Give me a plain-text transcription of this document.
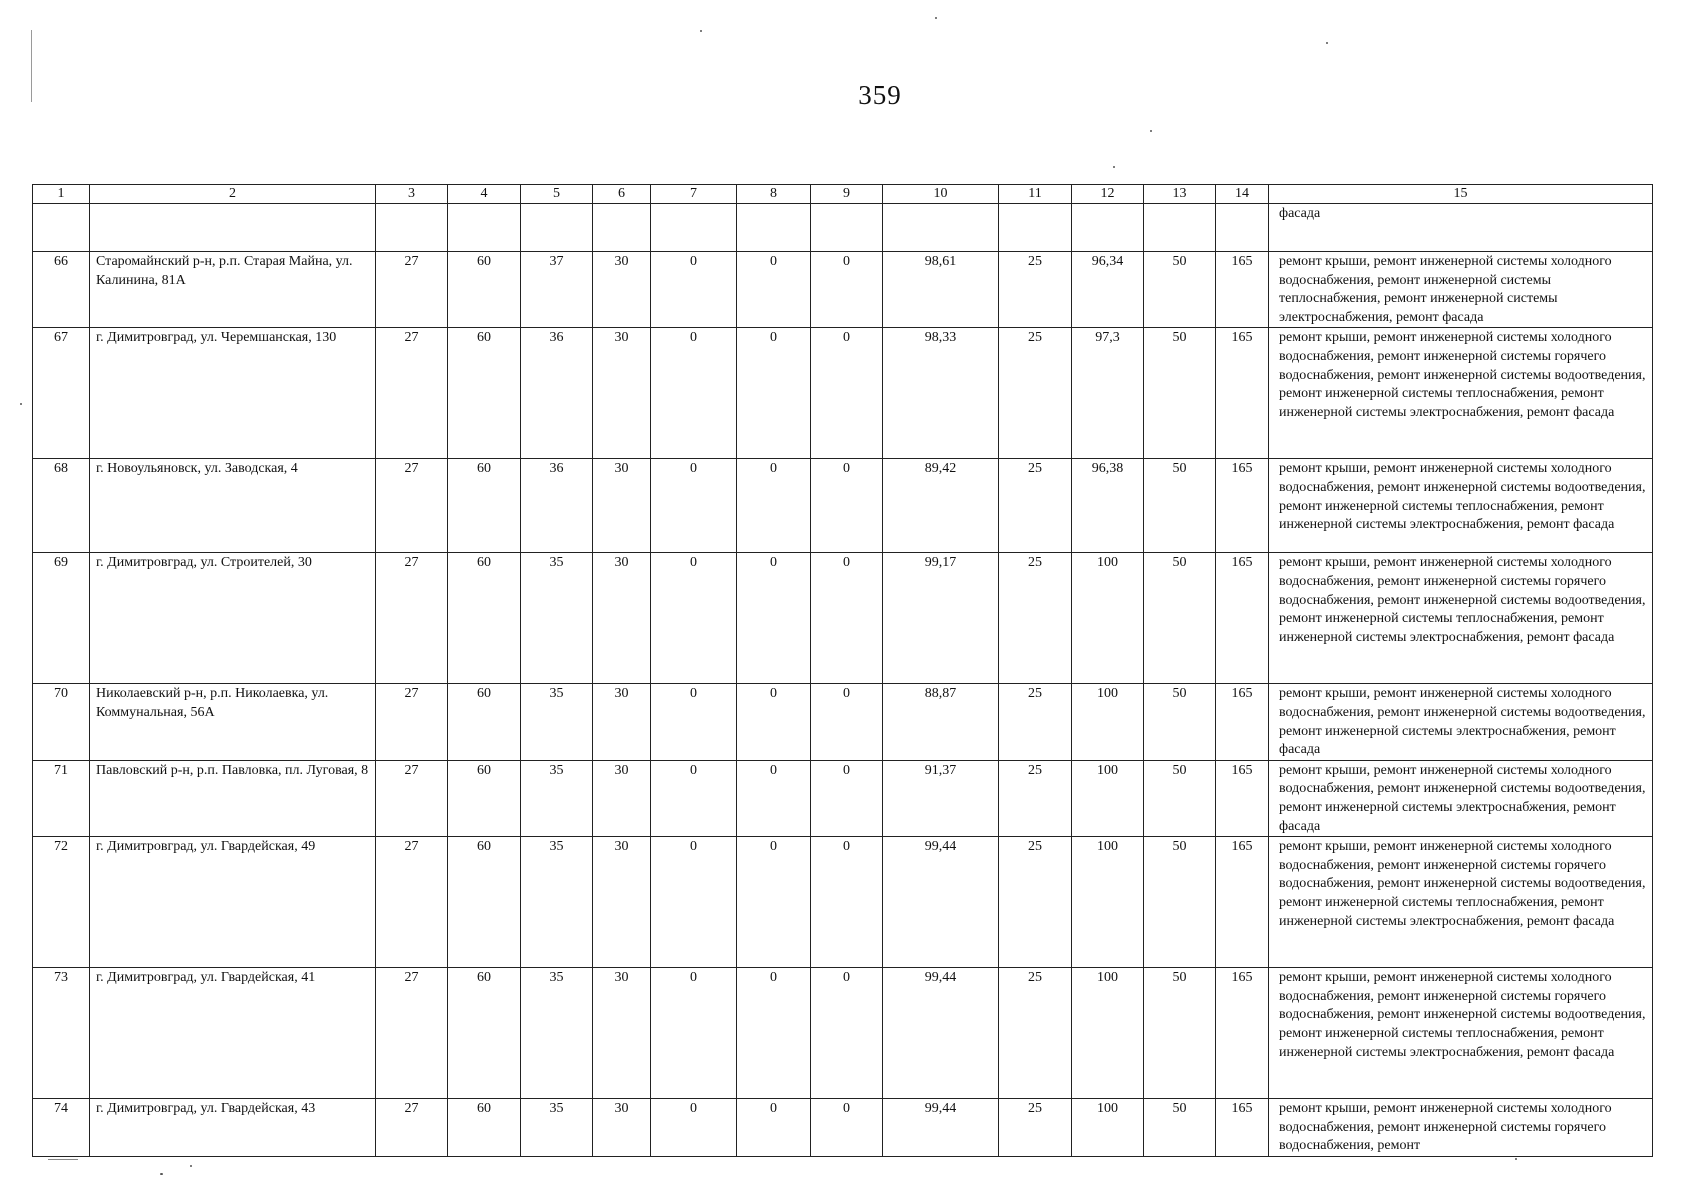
359
1	2	3	4	5	6	7	8	9	10	11	12	13	14	15
														фасада
66	Старомайнский р-н, р.п. Старая Майна, ул. Калинина, 81А	27	60	37	30	0	0	0	98,61	25	96,34	50	165	ремонт крыши, ремонт инженерной системы холодного водоснабжения, ремонт инженерной системы теплоснабжения, ремонт инженерной системы электроснабжения, ремонт фасада
67	г. Димитровград, ул. Черемшанская, 130	27	60	36	30	0	0	0	98,33	25	97,3	50	165	ремонт крыши, ремонт инженерной системы холодного водоснабжения, ремонт инженерной системы горячего водоснабжения, ремонт инженерной системы водоотведения, ремонт инженерной системы теплоснабжения, ремонт инженерной системы электроснабжения, ремонт фасада
68	г. Новоульяновск, ул. Заводская, 4	27	60	36	30	0	0	0	89,42	25	96,38	50	165	ремонт крыши, ремонт инженерной системы холодного водоснабжения, ремонт инженерной системы водоотведения, ремонт инженерной системы теплоснабжения, ремонт инженерной системы электроснабжения, ремонт фасада
69	г. Димитровград, ул. Строителей, 30	27	60	35	30	0	0	0	99,17	25	100	50	165	ремонт крыши, ремонт инженерной системы холодного водоснабжения, ремонт инженерной системы горячего водоснабжения, ремонт инженерной системы водоотведения, ремонт инженерной системы теплоснабжения, ремонт инженерной системы электроснабжения, ремонт фасада
70	Николаевский р-н, р.п. Николаевка, ул. Коммунальная, 56А	27	60	35	30	0	0	0	88,87	25	100	50	165	ремонт крыши, ремонт инженерной системы холодного водоснабжения, ремонт инженерной системы водоотведения, ремонт инженерной системы электроснабжения, ремонт фасада
71	Павловский р-н, р.п. Павловка, пл. Луговая, 8	27	60	35	30	0	0	0	91,37	25	100	50	165	ремонт крыши, ремонт инженерной системы холодного водоснабжения, ремонт инженерной системы водоотведения, ремонт инженерной системы электроснабжения, ремонт фасада
72	г. Димитровград, ул. Гвардейская, 49	27	60	35	30	0	0	0	99,44	25	100	50	165	ремонт крыши, ремонт инженерной системы холодного водоснабжения, ремонт инженерной системы горячего водоснабжения, ремонт инженерной системы водоотведения, ремонт инженерной системы теплоснабжения, ремонт инженерной системы электроснабжения, ремонт фасада
73	г. Димитровград, ул. Гвардейская, 41	27	60	35	30	0	0	0	99,44	25	100	50	165	ремонт крыши, ремонт инженерной системы холодного водоснабжения, ремонт инженерной системы горячего водоснабжения, ремонт инженерной системы водоотведения, ремонт инженерной системы теплоснабжения, ремонт инженерной системы электроснабжения, ремонт фасада
74	г. Димитровград, ул. Гвардейская, 43	27	60	35	30	0	0	0	99,44	25	100	50	165	ремонт крыши, ремонт инженерной системы холодного водоснабжения, ремонт инженерной системы горячего водоснабжения, ремонт
